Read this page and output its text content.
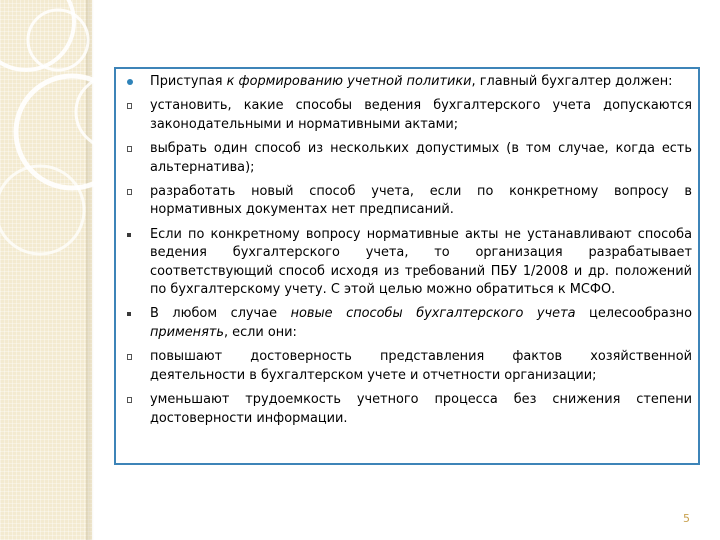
Приступая к формированию учетной политики, главный бухгалтер должен:
установить, какие способы ведения бухгалтерского учета допускаются законодательными и нормативными актами;
выбрать один способ из нескольких допустимых (в том случае, когда есть альтернатива);
разработать новый способ учета, если по конкретному вопросу в нормативных документах нет предписаний.
Если по конкретному вопросу нормативные акты не устанавливают способа ведения бухгалтерского учета, то организация разрабатывает соответствующий способ исходя из требований ПБУ 1/2008 и др. положений по бухгалтерскому учету. С этой целью можно обратиться к МСФО.
В любом случае новые способы бухгалтерского учета целесообразно применять, если они:
повышают достоверность представления фактов хозяйственной деятельности в бухгалтерском учете и отчетности организации;
уменьшают трудоемкость учетного процесса без снижения степени достоверности информации.
5
